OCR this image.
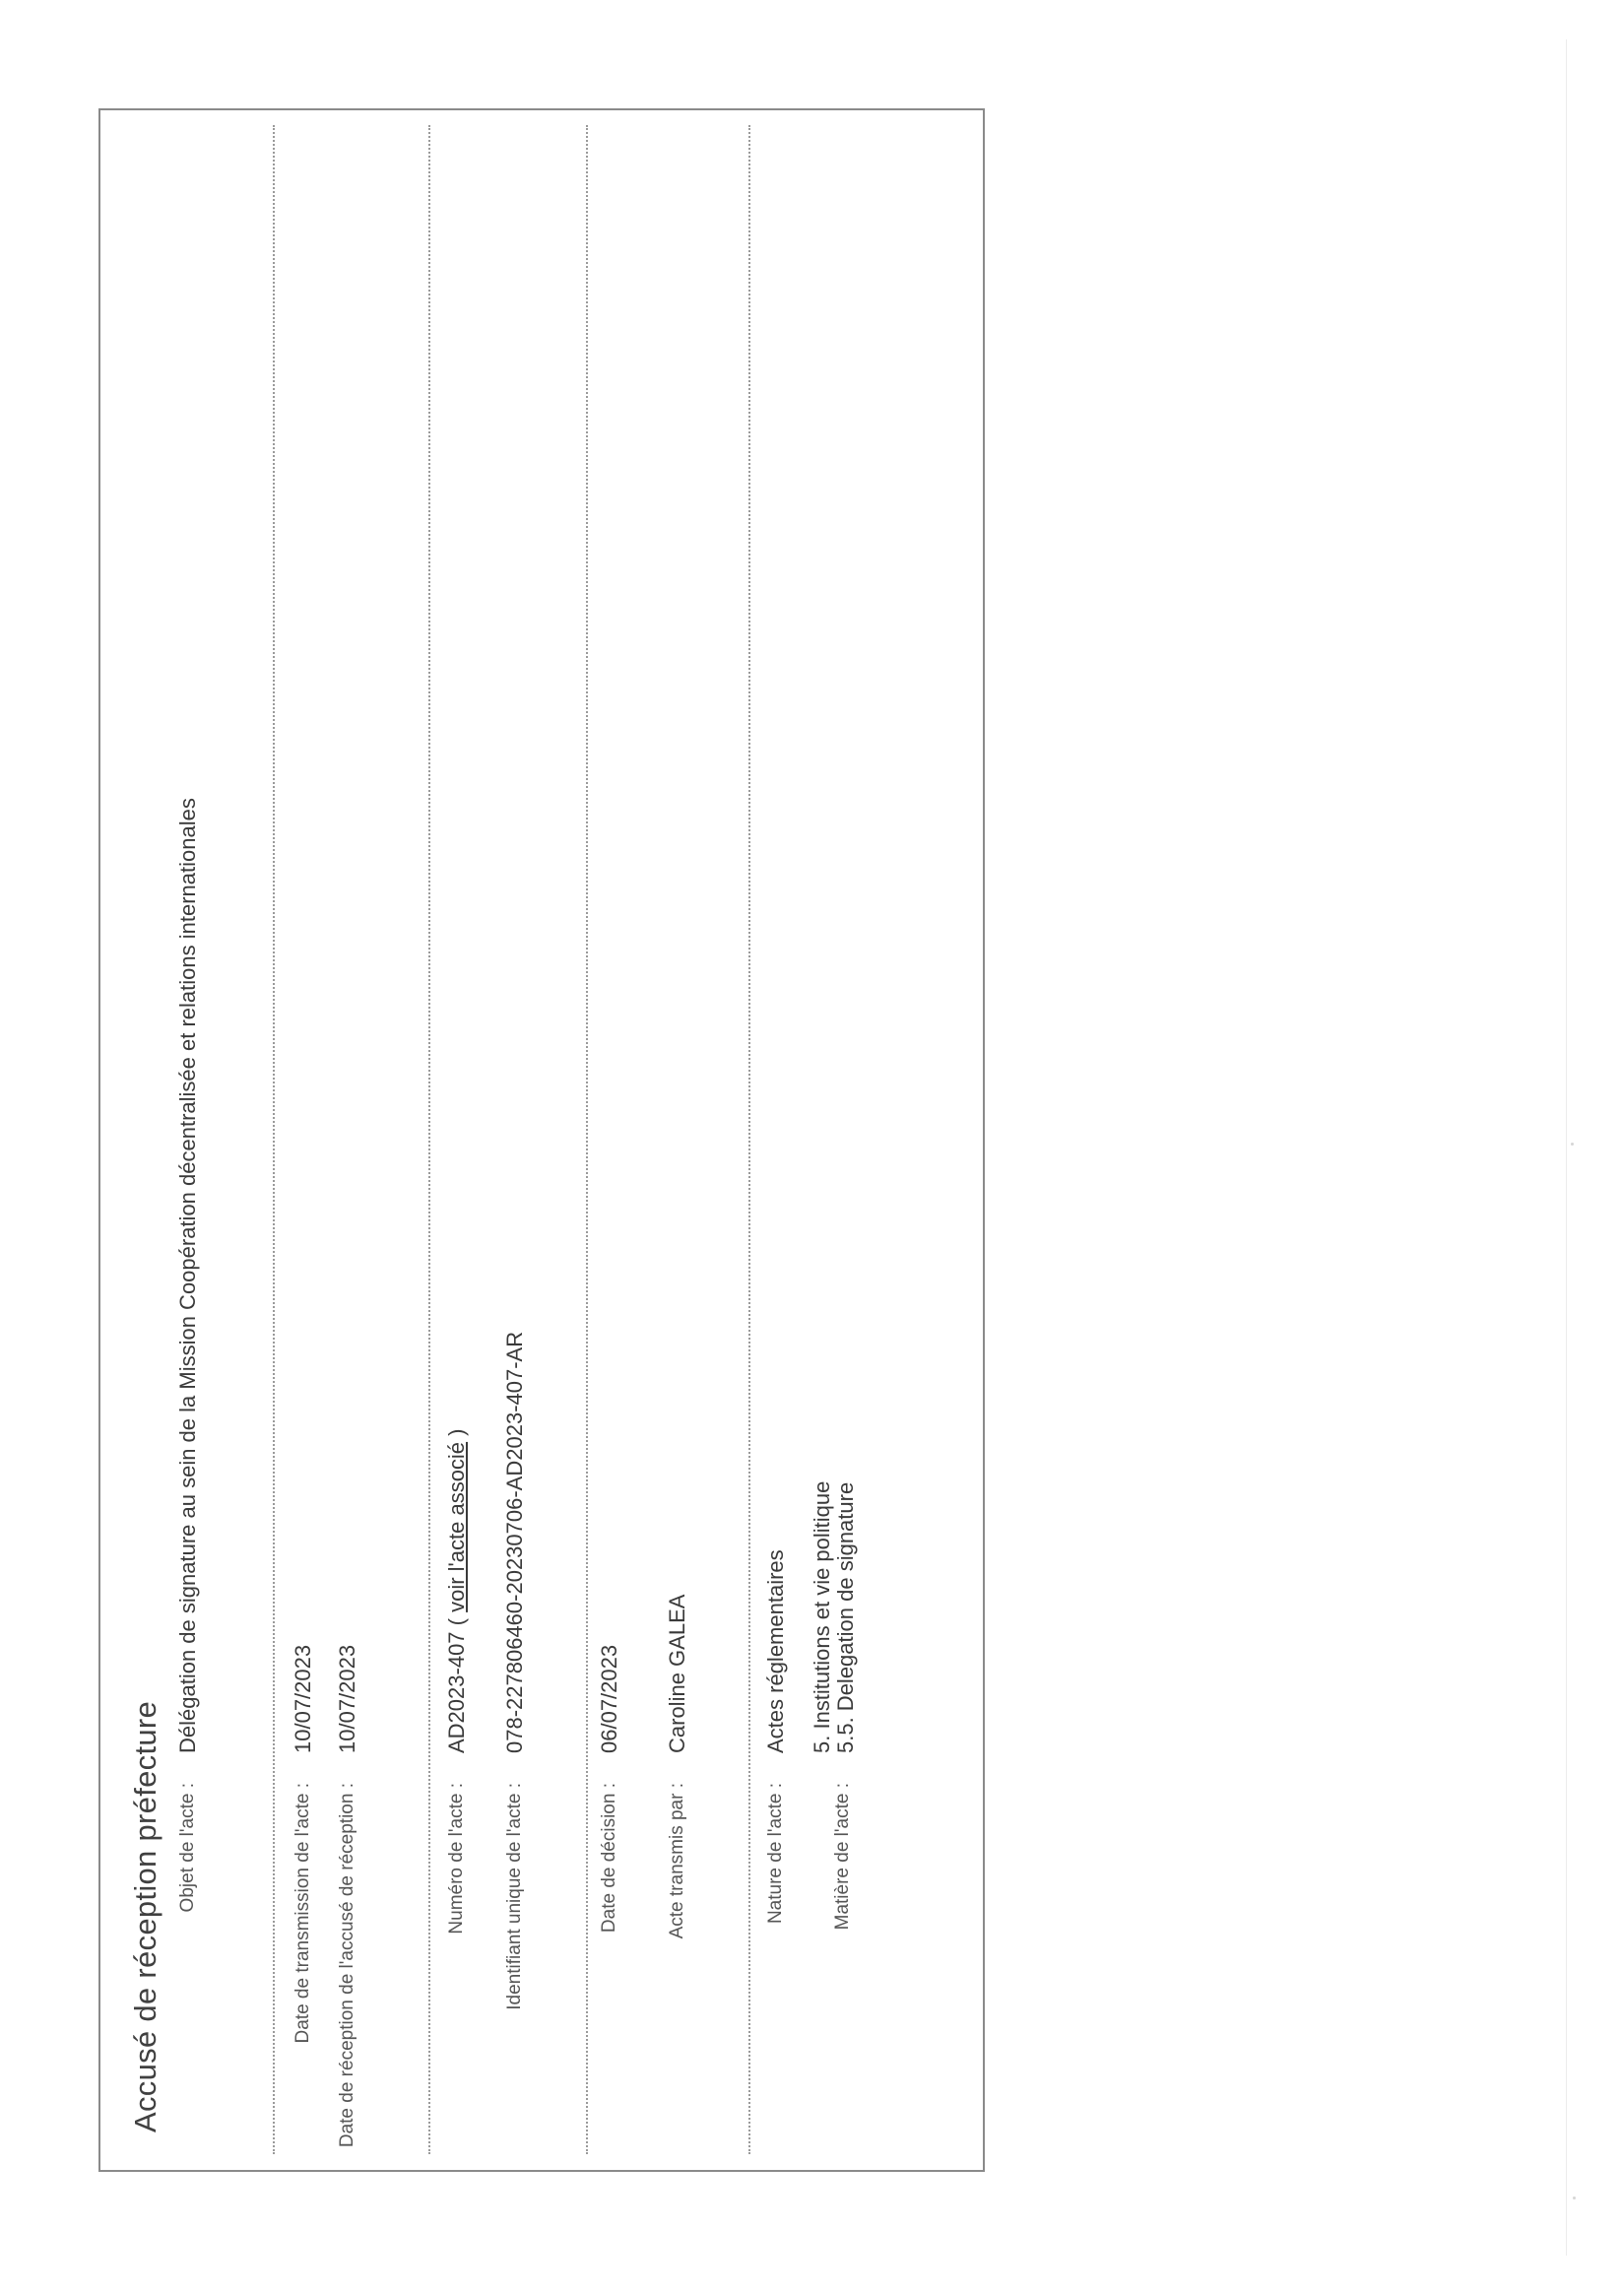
Accusé de réception préfecture Objet de l'acte :
Délégation de signature au sein de la Mission Coopération décentralisée et relations internationales
Date de transmission de l'acte :
10/07/2023
Date de réception de l'accusé de réception :
10/07/2023
Numéro de l'acte :
AD2023-407 ( voir l'acte associé )
Identifiant unique de l'acte :
078-227806460-20230706-AD2023-407-AR
Date de décision :
06/07/2023
Acte transmis par :
Caroline GALEA
Nature de l'acte :
Actes réglementaires
Matière de l'acte :
5. Institutions et vie politique 5.5. Delegation de signature
